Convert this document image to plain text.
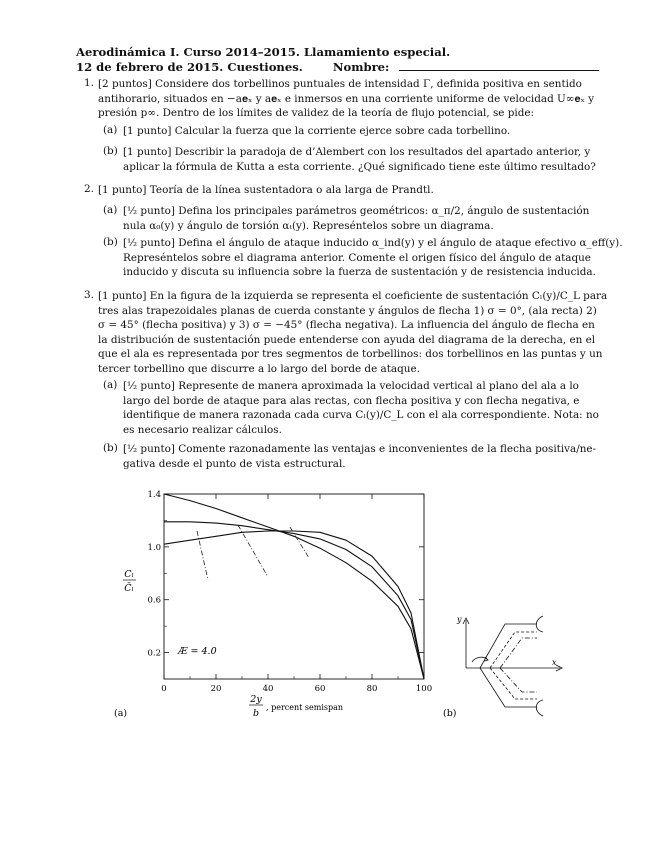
Aerodinámica I. Curso 2014–2015. Llamamiento especial.
12 de febrero de 2015. Cuestiones.	Nombre:
1. [2 puntos] Considere dos torbellinos puntuales de intensidad Γ, definida positiva en sentido
antihorario, situados en −a𝐞ₓ y a𝐞ₓ e inmersos en una corriente uniforme de velocidad U∞𝐞ₓ y
presión p∞. Dentro de los límites de validez de la teoría de flujo potencial, se pide:
(a) [1 punto] Calcular la fuerza que la corriente ejerce sobre cada torbellino.
(b) [1 punto] Describir la paradoja de d’Alembert con los resultados del apartado anterior, y
aplicar la fórmula de Kutta a esta corriente. ¿Qué significado tiene este último resultado?
2. [1 punto] Teoría de la línea sustentadora o ala larga de Prandtl.
(a) [¹⁄₂ punto] Defina los principales parámetros geométricos: α_π/2, ángulo de sustentación
nula α₀(y) y ángulo de torsión αₜ(y). Represéntelos sobre un diagrama.
(b) [¹⁄₂ punto] Defina el ángulo de ataque inducido α_ind(y) y el ángulo de ataque efectivo α_eff(y).
Represéntelos sobre el diagrama anterior. Comente el origen físico del ángulo de ataque
inducido y discuta su influencia sobre la fuerza de sustentación y de resistencia inducida.
3. [1 punto] En la figura de la izquierda se representa el coeficiente de sustentación Cₗ(y)/C_L para
tres alas trapezoidales planas de cuerda constante y ángulos de flecha 1) σ = 0°, (ala recta) 2)
σ = 45° (flecha positiva) y 3) σ = −45° (flecha negativa). La influencia del ángulo de flecha en
la distribución de sustentación puede entenderse con ayuda del diagrama de la derecha, en el
que el ala es representada por tres segmentos de torbellinos: dos torbellinos en las puntas y un
tercer torbellino que discurre a lo largo del borde de ataque.
(a) [¹⁄₂ punto] Represente de manera aproximada la velocidad vertical al plano del ala a lo
largo del borde de ataque para alas rectas, con flecha positiva y con flecha negativa, e
identifique de manera razonada cada curva Cₗ(y)/C_L con el ala correspondiente. Nota: no
es necesario realizar cálculos.
(b) [¹⁄₂ punto] Comente razonadamente las ventajas e inconvenientes de la flecha positiva/ne-
gativa desde el punto de vista estructural.
0	20	40	60	80	100
0.2
0.6
1.0
1.4
Æ = 4.0
Cₗ
C̄ₗ
2y
b
, percent semispan
(a)
y
x
(b)
